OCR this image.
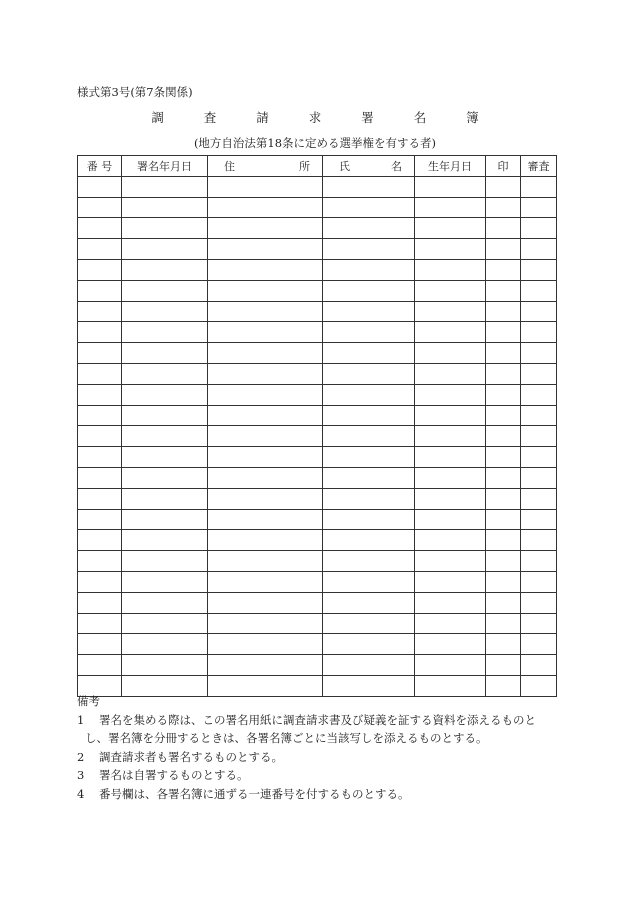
様式第3号(第7条関係)
調 査 請 求 署 名 簿
(地方自治法第18条に定める選挙権を有する者)
番 号	署名年月日	住 所	氏 名	生年月日	印	審査

備考
1 署名を集める際は、この署名用紙に調査請求書及び疑義を証する資料を添えるものと
し、署名簿を分冊するときは、各署名簿ごとに当該写しを添えるものとする。
2 調査請求者も署名するものとする。
3 署名は自署するものとする。
4 番号欄は、各署名簿に通ずる一連番号を付するものとする。
